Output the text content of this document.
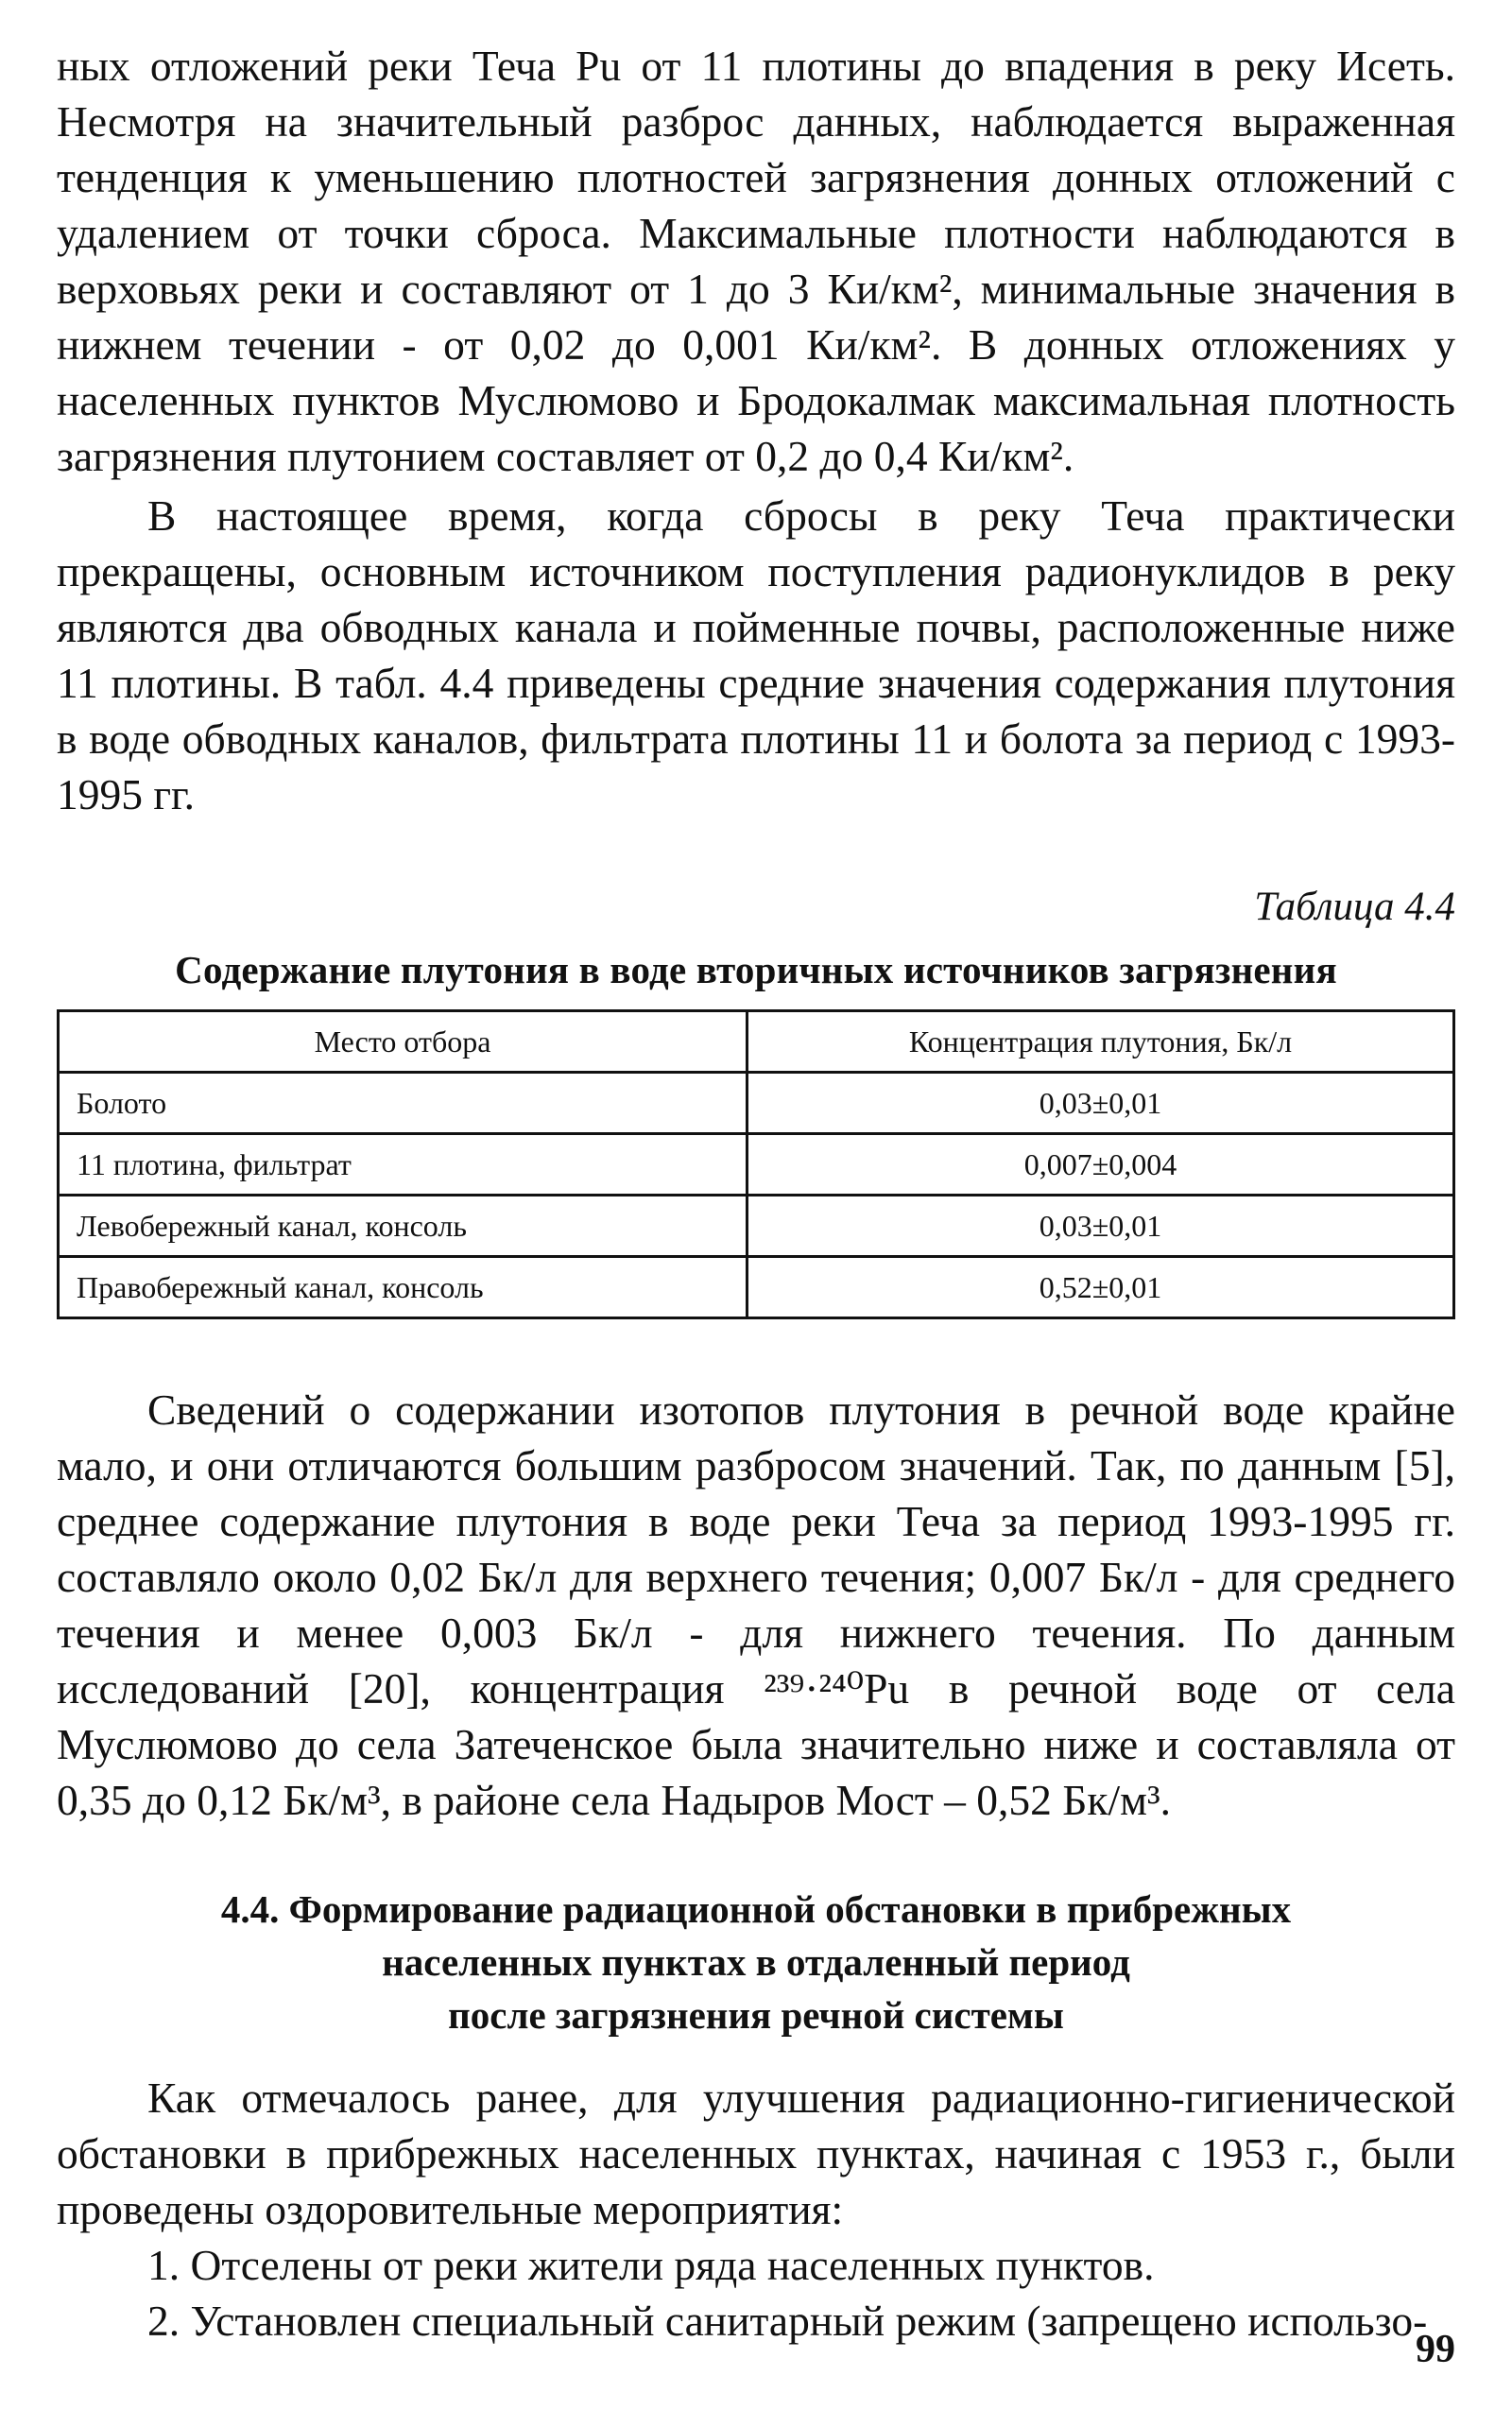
ных отложений реки Теча Pu от 11 плотины до впадения в реку Исеть. Несмотря на значительный разброс данных, наблюдается выраженная тенденция к уменьшению плотностей загрязнения донных отложений с удалением от точки сброса. Максимальные плотности наблюдаются в верховьях реки и составляют от 1 до 3 Ки/км², минимальные значения в нижнем течении - от 0,02 до 0,001 Ки/км². В донных отложениях у населенных пунктов Муслюмово и Бродокалмак максимальная плотность загрязнения плутонием составляет от 0,2 до 0,4 Ки/км².

В настоящее время, когда сбросы в реку Теча практически прекращены, основным источником поступления радионуклидов в реку являются два обводных канала и пойменные почвы, расположенные ниже 11 плотины. В табл. 4.4 приведены средние значения содержания плутония в воде обводных каналов, фильтрата плотины 11 и болота за период с 1993-1995 гг.

Таблица 4.4
Содержание плутония в воде вторичных источников загрязнения
Место отбора	Концентрация плутония, Бк/л
Болото	0,03±0,01
11 плотина, фильтрат	0,007±0,004
Левобережный канал, консоль	0,03±0,01
Правобережный канал, консоль	0,52±0,01

Сведений о содержании изотопов плутония в речной воде крайне мало, и они отличаются большим разбросом значений. Так, по данным [5], среднее содержание плутония в воде реки Теча за период 1993-1995 гг. составляло около 0,02 Бк/л для верхнего течения; 0,007 Бк/л - для среднего течения и менее 0,003 Бк/л - для нижнего течения. По данным исследований [20], концентрация ²³⁹·²⁴⁰Pu в речной воде от села Муслюмово до села Затеченское была значительно ниже и составляла от 0,35 до 0,12 Бк/м³, в районе села Надыров Мост – 0,52 Бк/м³.

4.4. Формирование радиационной обстановки в прибрежных
населенных пунктах в отдаленный период
после загрязнения речной системы

Как отмечалось ранее, для улучшения радиационно-гигиенической обстановки в прибрежных населенных пунктах, начиная с 1953 г., были проведены оздоровительные мероприятия:

1. Отселены от реки жители ряда населенных пунктов.
2. Установлен специальный санитарный режим (запрещено использо-
99
